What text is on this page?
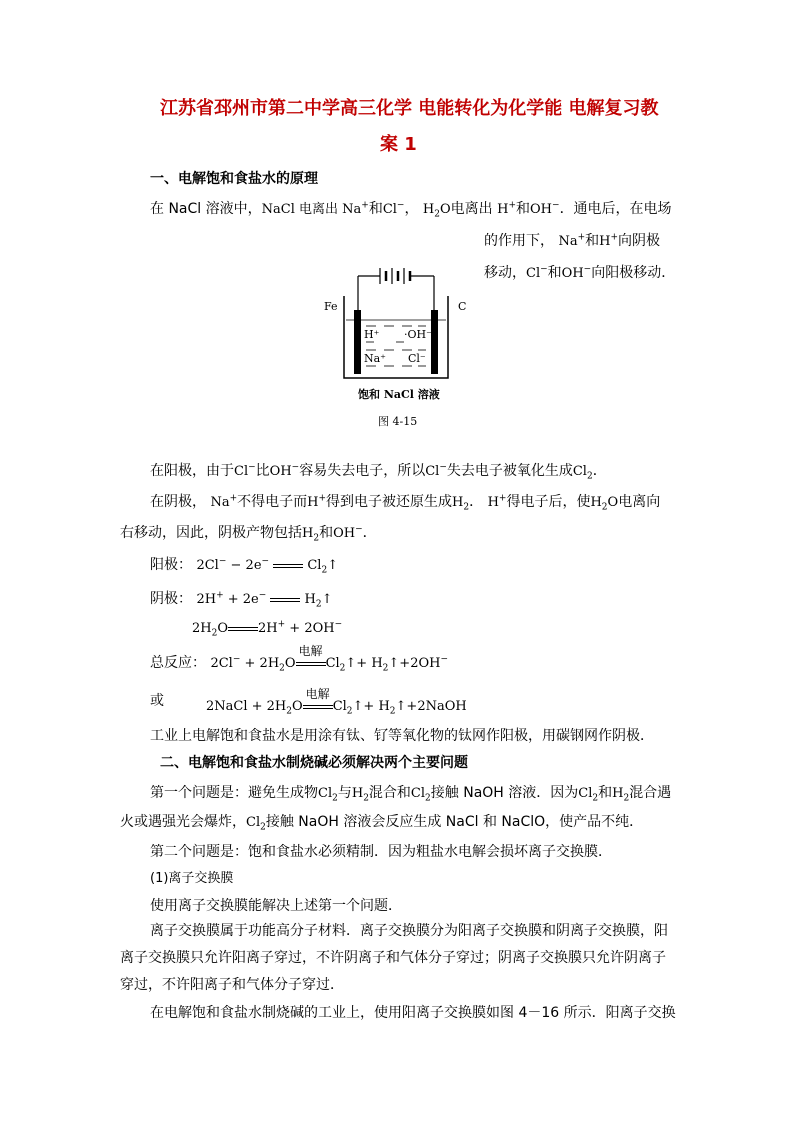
江苏省邳州市第二中学高三化学 电能转化为化学能 电解复习教
案 1
一、电解饱和食盐水的原理
在 NaCl 溶液中，NaCl 电离出 Na+和Cl−， $H_2O$电离出 H+和OH−．通电后，在电场
的作用下， Na+和H+向阴极
移动，Cl−和OH−向阳极移动．
Fe	C
H⁺ ·OH⁻
Na⁺ Cl⁻
饱和 NaCl 溶液
图 4-15
在阳极，由于Cl−比OH−容易失去电子，所以Cl−失去电子被氧化生成$Cl_2$．
在阴极， Na+不得电子而H+得到电子被还原生成$H_2$． H+得电子后，使$H_2O$电离向
右移动，因此，阴极产物包括$H_2$和OH−．
阳极： 2Cl− − 2e−	$Cl_2↑$
阴极： 2H+ + 2e−	$H_2↑$
$2H_2O$ 2H+ + 2OH−
总反应： $2Cl^- + 2H_2O$
电解
$Cl_2↑+$ $H_2↑+2OH^-$
或	2NaCl + $2H_2O$
电解
$Cl_2↑+$ $H_2↑+2NaOH$
工业上电解饱和食盐水是用涂有钛、钌等氧化物的钛网作阳极，用碳钢网作阴极．
二、电解饱和食盐水制烧碱必须解决两个主要问题
第一个问题是：避免生成物$Cl_2$与$H_2$混合和$Cl_2$接触 NaOH 溶液．因为$Cl_2$和$H_2$混合遇
火或遇强光会爆炸，$Cl_2$接触 NaOH 溶液会反应生成 NaCl 和 NaClO，使产品不纯．
第二个问题是：饱和食盐水必须精制．因为粗盐水电解会损坏离子交换膜．
(1)离子交换膜
使用离子交换膜能解决上述第一个问题．
离子交换膜属于功能高分子材料．离子交换膜分为阳离子交换膜和阴离子交换膜，阳
离子交换膜只允许阳离子穿过，不许阴离子和气体分子穿过；阴离子交换膜只允许阴离子
穿过，不许阳离子和气体分子穿过．
在电解饱和食盐水制烧碱的工业上，使用阳离子交换膜如图 4－16 所示．阳离子交换
